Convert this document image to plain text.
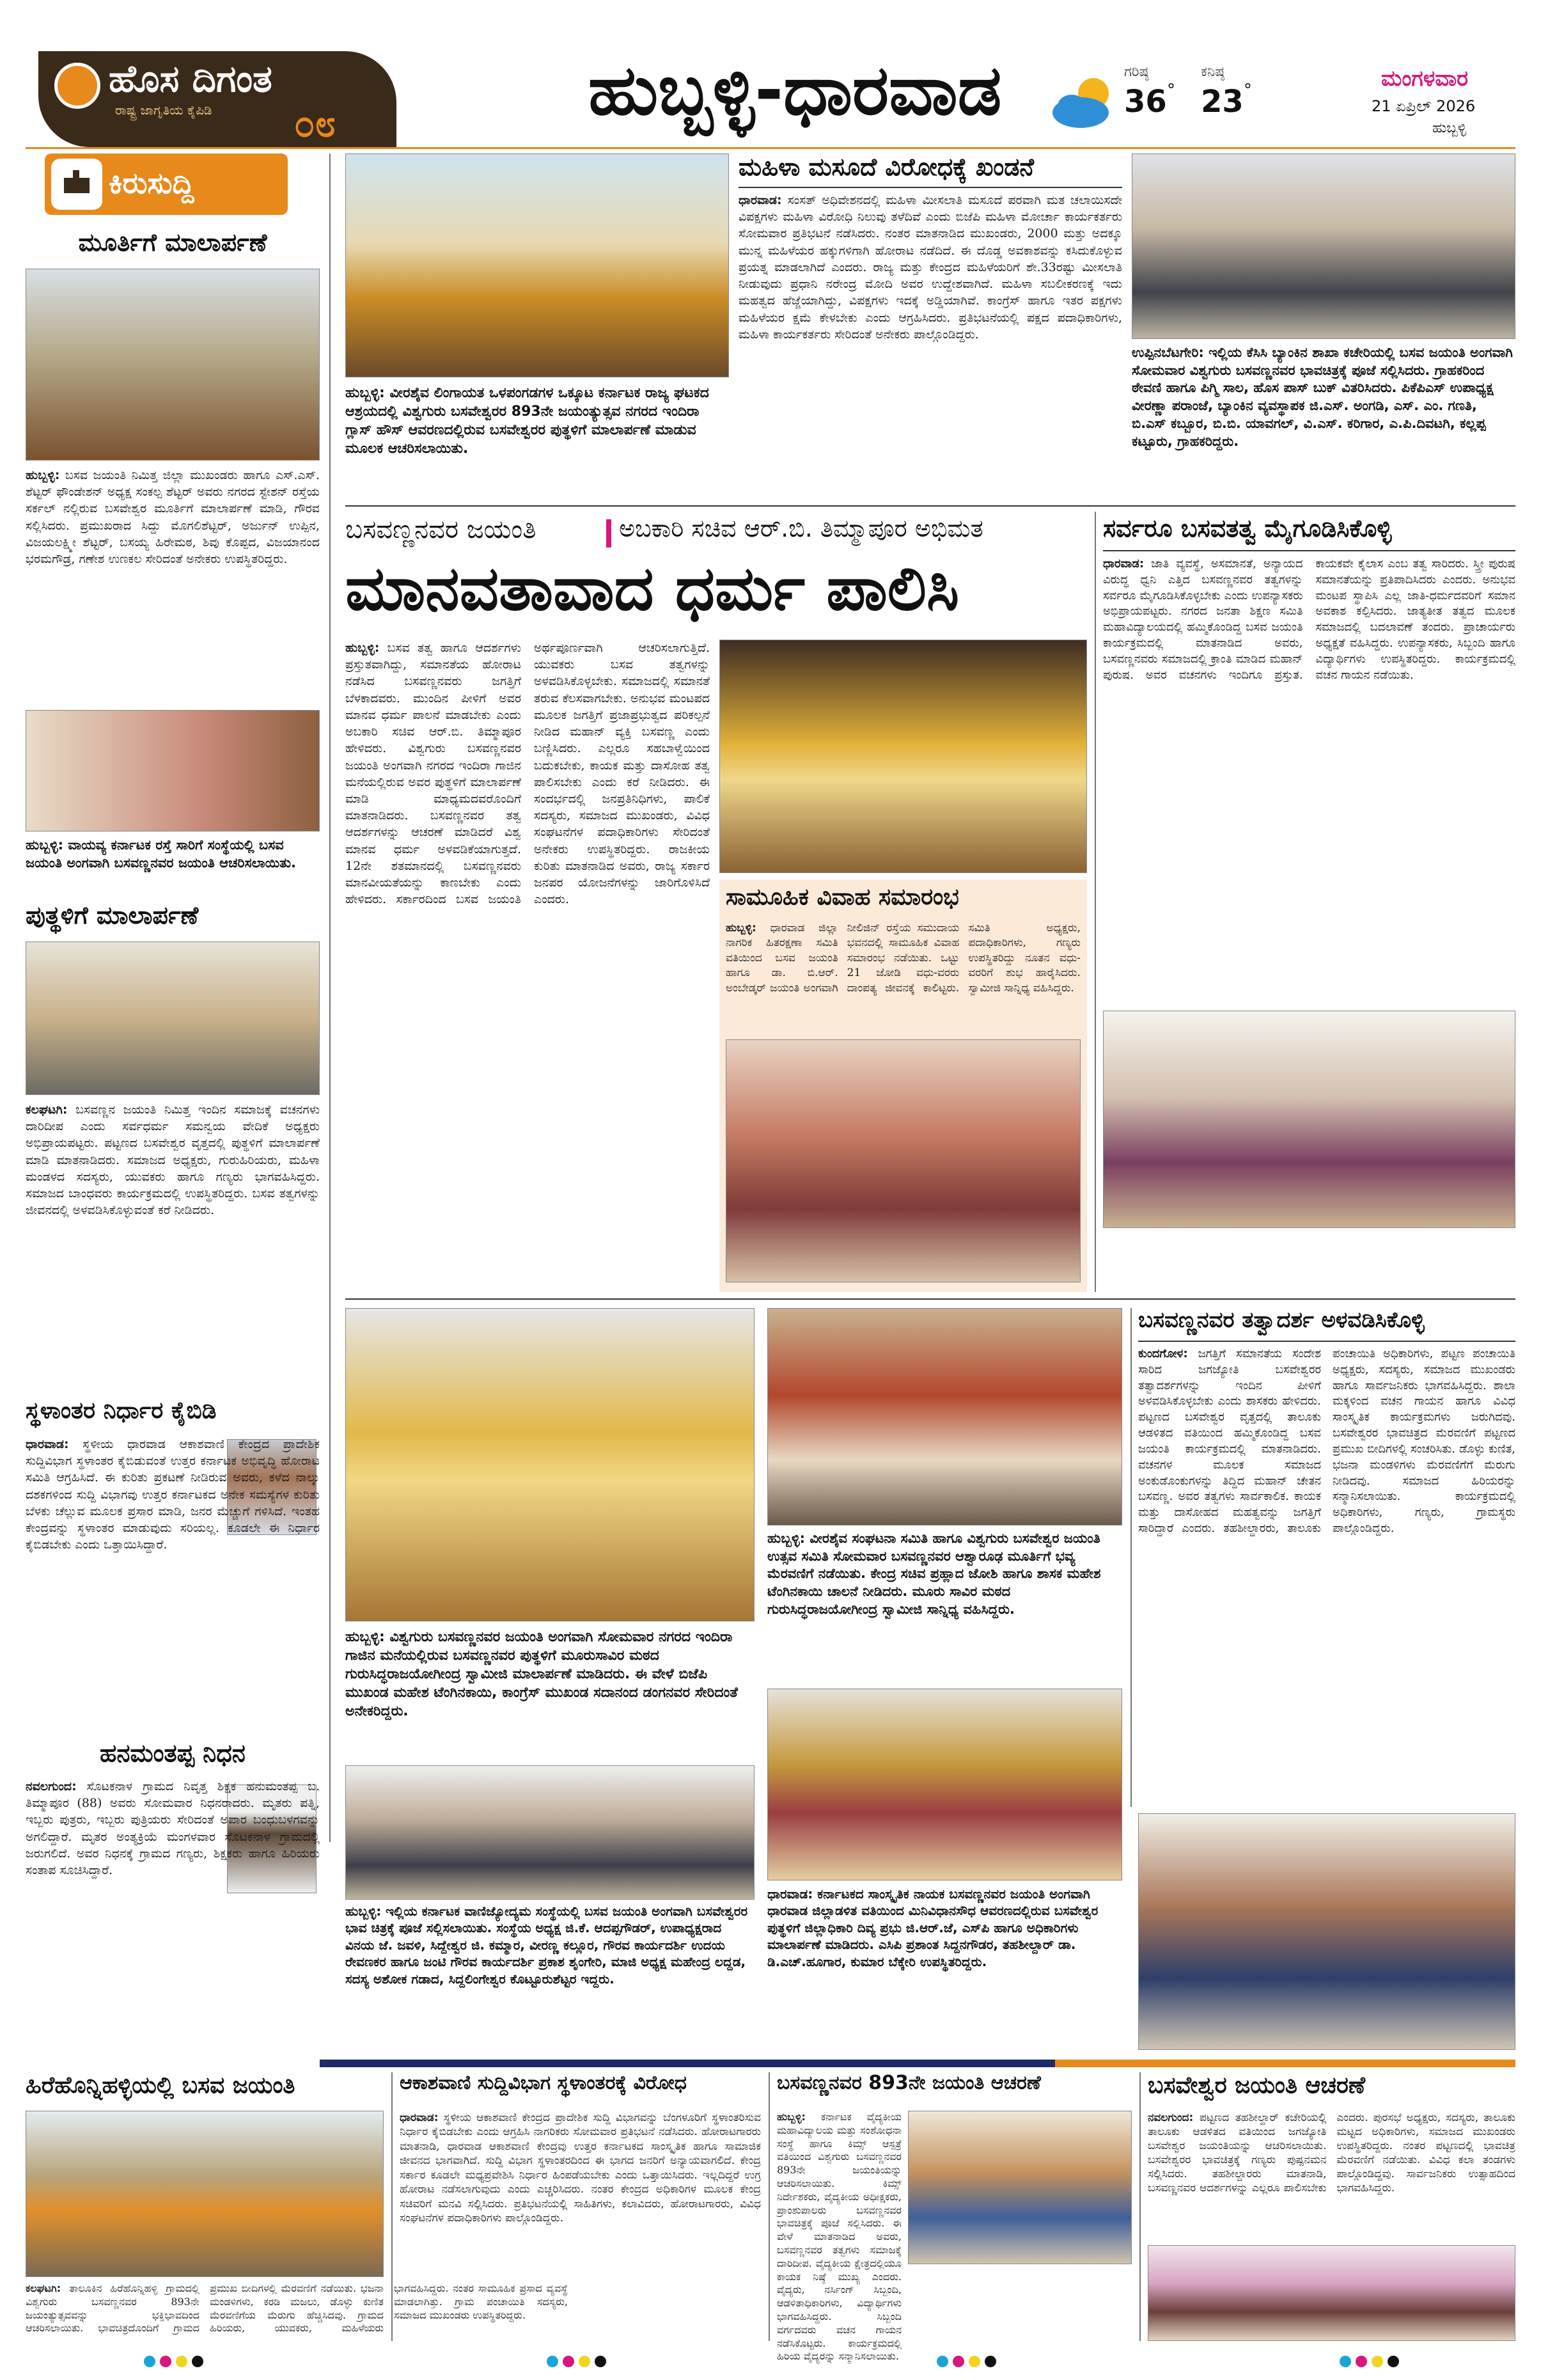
ಹೊಸ ದಿಗಂತ
ರಾಷ್ಟ್ರ ಜಾಗೃತಿಯ ಕೈಪಿಡಿ	೦೮	ಹುಬ್ಬಳ್ಳಿ-ಧಾರವಾಡ	ಗರಿಷ್ಠ
36 °
ಕನಿಷ್ಠ
23 °	ಮಂಗಳವಾರ
21 ಏಪ್ರಿಲ್ 2026
ಹುಬ್ಬಳ್ಳಿ
ಕಿರುಸುದ್ದಿ
ಮೂರ್ತಿಗೆ ಮಾಲಾರ್ಪಣೆ
ಹುಬ್ಬಳ್ಳಿ: ಬಸವ ಜಯಂತಿ ನಿಮಿತ್ತ ಜಿಲ್ಲಾ ಮುಖಂಡರು ಹಾಗೂ ಎಸ್.ಎಸ್. ಶೆಟ್ಟರ್ ಫೌಂಡೇಶನ್ ಅಧ್ಯಕ್ಷ ಸಂಕಲ್ಪ ಶೆಟ್ಟರ್ ಅವರು ನಗರದ ಸ್ಟೇಶನ್ ರಸ್ತೆಯ ಸರ್ಕಲ್ ನಲ್ಲಿರುವ ಬಸವೇಶ್ವರ ಮೂರ್ತಿಗೆ ಮಾಲಾರ್ಪಣೆ ಮಾಡಿ, ಗೌರವ ಸಲ್ಲಿಸಿದರು. ಪ್ರಮುಖರಾದ ಸಿದ್ದು ಮೊಗಲಿಶೆಟ್ಟರ್, ಅರ್ಜುನ್ ಉಪ್ಪಿನ, ವಿಜಯಲಕ್ಷ್ಮೀ ಶೆಟ್ಟರ್, ಬಸಯ್ಯ ಹಿರೇಮಠ, ಶಿವು ಕೊಪ್ಪದ, ವಿಜಯಾನಂದ ಭರಮಗೌಡ್ರ, ಗಣೇಶ ಉಣಕಲ ಸೇರಿದಂತೆ ಅನೇಕರು ಉಪಸ್ಥಿತರಿದ್ದರು.
ಹುಬ್ಬಳ್ಳಿ: ವಾಯವ್ಯ ಕರ್ನಾಟಕ ರಸ್ತೆ ಸಾರಿಗೆ ಸಂಸ್ಥೆಯಲ್ಲಿ ಬಸವ ಜಯಂತಿ ಅಂಗವಾಗಿ ಬಸವಣ್ಣನವರ ಜಯಂತಿ ಆಚರಿಸಲಾಯಿತು.
ಪುತ್ಥಳಿಗೆ ಮಾಲಾರ್ಪಣೆ
ಕಲಘಟಗಿ: ಬಸವಣ್ಣನ ಜಯಂತಿ ನಿಮಿತ್ತ ಇಂದಿನ ಸಮಾಜಕ್ಕೆ ವಚನಗಳು ದಾರಿದೀಪ ಎಂದು ಸರ್ವಧರ್ಮ ಸಮನ್ವಯ ವೇದಿಕೆ ಅಧ್ಯಕ್ಷರು ಅಭಿಪ್ರಾಯಪಟ್ಟರು. ಪಟ್ಟಣದ ಬಸವೇಶ್ವರ ವೃತ್ತದಲ್ಲಿ ಪುತ್ಥಳಿಗೆ ಮಾಲಾರ್ಪಣೆ ಮಾಡಿ ಮಾತನಾಡಿದರು. ಸಮಾಜದ ಅಧ್ಯಕ್ಷರು, ಗುರುಹಿರಿಯರು, ಮಹಿಳಾ ಮಂಡಳದ ಸದಸ್ಯರು, ಯುವಕರು ಹಾಗೂ ಗಣ್ಯರು ಭಾಗವಹಿಸಿದ್ದರು. ಸಮಾಜದ ಬಾಂಧವರು ಕಾರ್ಯಕ್ರಮದಲ್ಲಿ ಉಪಸ್ಥಿತರಿದ್ದರು. ಬಸವ ತತ್ವಗಳನ್ನು ಜೀವನದಲ್ಲಿ ಅಳವಡಿಸಿಕೊಳ್ಳುವಂತೆ ಕರೆ ನೀಡಿದರು.
ಸ್ಥಳಾಂತರ ನಿರ್ಧಾರ ಕೈಬಿಡಿ
ಧಾರವಾಡ: ಸ್ಥಳೀಯ ಧಾರವಾಡ ಆಕಾಶವಾಣಿ ಕೇಂದ್ರದ ಪ್ರಾದೇಶಿಕ ಸುದ್ದಿವಿಭಾಗ ಸ್ಥಳಾಂತರ ಕೈಬಿಡುವಂತೆ ಉತ್ತರ ಕರ್ನಾಟಕ ಅಭಿವೃದ್ಧಿ ಹೋರಾಟ ಸಮಿತಿ ಆಗ್ರಹಿಸಿದೆ. ಈ ಕುರಿತು ಪ್ರಕಟಣೆ ನೀಡಿರುವ ಅವರು, ಕಳೆದ ನಾಲ್ಕು ದಶಕಗಳಿಂದ ಸುದ್ದಿ ವಿಭಾಗವು ಉತ್ತರ ಕರ್ನಾಟಕದ ಅನೇಕ ಸಮಸ್ಯೆಗಳ ಕುರಿತು ಬೆಳಕು ಚೆಲ್ಲುವ ಮೂಲಕ ಪ್ರಸಾರ ಮಾಡಿ, ಜನರ ಮೆಚ್ಚುಗೆ ಗಳಿಸಿದೆ. ಇಂತಹ ಕೇಂದ್ರವನ್ನು ಸ್ಥಳಾಂತರ ಮಾಡುವುದು ಸರಿಯಲ್ಲ. ಕೂಡಲೇ ಈ ನಿರ್ಧಾರ ಕೈಬಿಡಬೇಕು ಎಂದು ಒತ್ತಾಯಿಸಿದ್ದಾರೆ.
ಹನಮಂತಪ್ಪ ನಿಧನ
ನವಲಗುಂದ: ಸೊಟಕನಾಳ ಗ್ರಾಮದ ನಿವೃತ್ತ ಶಿಕ್ಷಕ ಹನುಮಂತಪ್ಪ ಬ. ತಿಮ್ಮಾಪೂರ (88) ಅವರು ಸೋಮವಾರ ನಿಧನರಾದರು. ಮೃತರು ಪತ್ನಿ, ಇಬ್ಬರು ಪುತ್ರರು, ಇಬ್ಬರು ಪುತ್ರಿಯರು ಸೇರಿದಂತೆ ಅಪಾರ ಬಂಧುಬಳಗವನ್ನು ಅಗಲಿದ್ದಾರೆ. ಮೃತರ ಅಂತ್ಯಕ್ರಿಯೆ ಮಂಗಳವಾರ ಸೊಟಕನಾಳ ಗ್ರಾಮದಲ್ಲಿ ಜರುಗಲಿದೆ. ಅವರ ನಿಧನಕ್ಕೆ ಗ್ರಾಮದ ಗಣ್ಯರು, ಶಿಕ್ಷಕರು ಹಾಗೂ ಹಿರಿಯರು ಸಂತಾಪ ಸೂಚಿಸಿದ್ದಾರೆ.
ಹುಬ್ಬಳ್ಳಿ: ವೀರಶೈವ ಲಿಂಗಾಯತ ಒಳಪಂಗಡಗಳ ಒಕ್ಕೂಟ ಕರ್ನಾಟಕ ರಾಜ್ಯ ಘಟಕದ ಆಶ್ರಯದಲ್ಲಿ ವಿಶ್ವಗುರು ಬಸವೇಶ್ವರರ 893ನೇ ಜಯಂತ್ಯುತ್ಸವ ನಗರದ ಇಂದಿರಾ ಗ್ಲಾಸ್ ಹೌಸ್ ಆವರಣದಲ್ಲಿರುವ ಬಸವೇಶ್ವರರ ಪುತ್ಥಳಿಗೆ ಮಾಲಾರ್ಪಣೆ ಮಾಡುವ ಮೂಲಕ ಆಚರಿಸಲಾಯಿತು.
ಮಹಿಳಾ ಮಸೂದೆ ವಿರೋಧಕ್ಕೆ ಖಂಡನೆ
ಧಾರವಾಡ: ಸಂಸತ್ ಅಧಿವೇಶನದಲ್ಲಿ ಮಹಿಳಾ ಮೀಸಲಾತಿ ಮಸೂದೆ ಪರವಾಗಿ ಮತ ಚಲಾಯಿಸದೇ ವಿಪಕ್ಷಗಳು ಮಹಿಳಾ ವಿರೋಧಿ ನಿಲುವು ತಳೆದಿವೆ ಎಂದು ಬಿಜೆಪಿ ಮಹಿಳಾ ಮೋರ್ಚಾ ಕಾರ್ಯಕರ್ತರು ಸೋಮವಾರ ಪ್ರತಿಭಟನೆ ನಡೆಸಿದರು. ನಂತರ ಮಾತನಾಡಿದ ಮುಖಂಡರು, 2000 ಮತ್ತು ಅದಕ್ಕೂ ಮುನ್ನ ಮಹಿಳೆಯರ ಹಕ್ಕುಗಳಿಗಾಗಿ ಹೋರಾಟ ನಡೆದಿದೆ. ಈ ದೊಡ್ಡ ಅವಕಾಶವನ್ನು ಕಸಿದುಕೊಳ್ಳುವ ಪ್ರಯತ್ನ ಮಾಡಲಾಗಿದೆ ಎಂದರು. ರಾಜ್ಯ ಮತ್ತು ಕೇಂದ್ರದ ಮಹಿಳೆಯರಿಗೆ ಶೇ.33ರಷ್ಟು ಮೀಸಲಾತಿ ನೀಡುವುದು ಪ್ರಧಾನಿ ನರೇಂದ್ರ ಮೋದಿ ಅವರ ಉದ್ದೇಶವಾಗಿದೆ. ಮಹಿಳಾ ಸಬಲೀಕರಣಕ್ಕೆ ಇದು ಮಹತ್ವದ ಹೆಜ್ಜೆಯಾಗಿದ್ದು, ವಿಪಕ್ಷಗಳು ಇದಕ್ಕೆ ಅಡ್ಡಿಯಾಗಿವೆ. ಕಾಂಗ್ರೆಸ್ ಹಾಗೂ ಇತರ ಪಕ್ಷಗಳು ಮಹಿಳೆಯರ ಕ್ಷಮೆ ಕೇಳಬೇಕು ಎಂದು ಆಗ್ರಹಿಸಿದರು. ಪ್ರತಿಭಟನೆಯಲ್ಲಿ ಪಕ್ಷದ ಪದಾಧಿಕಾರಿಗಳು, ಮಹಿಳಾ ಕಾರ್ಯಕರ್ತರು ಸೇರಿದಂತೆ ಅನೇಕರು ಪಾಲ್ಗೊಂಡಿದ್ದರು.
ಉಪ್ಪಿನಬೆಟಗೇರಿ: ಇಲ್ಲಿಯ ಕೆಸಿಸಿ ಬ್ಯಾಂಕಿನ ಶಾಖಾ ಕಚೇರಿಯಲ್ಲಿ ಬಸವ ಜಯಂತಿ ಅಂಗವಾಗಿ ಸೋಮವಾರ ವಿಶ್ವಗುರು ಬಸವಣ್ಣನವರ ಭಾವಚಿತ್ರಕ್ಕೆ ಪೂಜೆ ಸಲ್ಲಿಸಿದರು. ಗ್ರಾಹಕರಿಂದ ಠೇವಣಿ ಹಾಗೂ ಪಿಗ್ಮಿ ಸಾಲ, ಹೊಸ ಪಾಸ್ ಬುಕ್ ವಿತರಿಸಿದರು. ಪಿಕೆಪಿಎಸ್ ಉಪಾಧ್ಯಕ್ಷ ವೀರಣ್ಣಾ ಪರಾಂಜೆ, ಬ್ಯಾಂಕಿನ ವ್ಯವಸ್ಥಾಪಕ ಜಿ.ಎಸ್. ಅಂಗಡಿ, ಎಸ್. ಎಂ. ಗಣತಿ, ಬಿ.ಎಸ್ ಕಬ್ಬೂರ, ಬಿ.ಬಿ. ಯಾವಗಲ್, ವಿ.ಎಸ್. ಕರಿಗಾರ, ಎ.ಪಿ.ದಿವಟಗಿ, ಕಲ್ಲಪ್ಪ ಕಟ್ಟೂರು, ಗ್ರಾಹಕರಿದ್ದರು.
ಬಸವಣ್ಣನವರ ಜಯಂತಿ	ಅಬಕಾರಿ ಸಚಿವ ಆರ್.ಬಿ. ತಿಮ್ಮಾಪೂರ ಅಭಿಮತ
ಮಾನವತಾವಾದ ಧರ್ಮ ಪಾಲಿಸಿ
ಹುಬ್ಬಳ್ಳಿ: ಬಸವ ತತ್ವ ಹಾಗೂ ಆದರ್ಶಗಳು ಪ್ರಸ್ತುತವಾಗಿದ್ದು, ಸಮಾನತೆಯ ಹೋರಾಟ ನಡೆಸಿದ ಬಸವಣ್ಣನವರು ಜಗತ್ತಿಗೆ ಬೆಳಕಾದವರು. ಮುಂದಿನ ಪೀಳಿಗೆ ಅವರ ಮಾನವ ಧರ್ಮ ಪಾಲನೆ ಮಾಡಬೇಕು ಎಂದು ಅಬಕಾರಿ ಸಚಿವ ಆರ್.ಬಿ. ತಿಮ್ಮಾಪೂರ ಹೇಳಿದರು. ವಿಶ್ವಗುರು ಬಸವಣ್ಣನವರ ಜಯಂತಿ ಅಂಗವಾಗಿ ನಗರದ ಇಂದಿರಾ ಗಾಜಿನ ಮನೆಯಲ್ಲಿರುವ ಅವರ ಪುತ್ಥಳಿಗೆ ಮಾಲಾರ್ಪಣೆ ಮಾಡಿ ಮಾಧ್ಯಮದವರೊಂದಿಗೆ ಮಾತನಾಡಿದರು. ಬಸವಣ್ಣನವರ ತತ್ವ ಆದರ್ಶಗಳನ್ನು ಆಚರಣೆ ಮಾಡಿದರೆ ವಿಶ್ವ ಮಾನವ ಧರ್ಮ ಅಳವಡಿಕೆಯಾಗುತ್ತದೆ. 12ನೇ ಶತಮಾನದಲ್ಲಿ ಬಸವಣ್ಣನವರು ಮಾನವೀಯತೆಯನ್ನು ಕಾಣಬೇಕು ಎಂದು ಹೇಳಿದರು. ಸರ್ಕಾರದಿಂದ ಬಸವ ಜಯಂತಿ ಅರ್ಥಪೂರ್ಣವಾಗಿ ಆಚರಿಸಲಾಗುತ್ತಿದೆ. ಯುವಕರು ಬಸವ ತತ್ವಗಳನ್ನು ಅಳವಡಿಸಿಕೊಳ್ಳಬೇಕು. ಸಮಾಜದಲ್ಲಿ ಸಮಾನತೆ ತರುವ ಕೆಲಸವಾಗಬೇಕು. ಅನುಭವ ಮಂಟಪದ ಮೂಲಕ ಜಗತ್ತಿಗೆ ಪ್ರಜಾಪ್ರಭುತ್ವದ ಪರಿಕಲ್ಪನೆ ನೀಡಿದ ಮಹಾನ್ ವ್ಯಕ್ತಿ ಬಸವಣ್ಣ ಎಂದು ಬಣ್ಣಿಸಿದರು. ಎಲ್ಲರೂ ಸಹಬಾಳ್ವೆಯಿಂದ ಬದುಕಬೇಕು, ಕಾಯಕ ಮತ್ತು ದಾಸೋಹ ತತ್ವ ಪಾಲಿಸಬೇಕು ಎಂದು ಕರೆ ನೀಡಿದರು. ಈ ಸಂದರ್ಭದಲ್ಲಿ ಜನಪ್ರತಿನಿಧಿಗಳು, ಪಾಲಿಕೆ ಸದಸ್ಯರು, ಸಮಾಜದ ಮುಖಂಡರು, ವಿವಿಧ ಸಂಘಟನೆಗಳ ಪದಾಧಿಕಾರಿಗಳು ಸೇರಿದಂತೆ ಅನೇಕರು ಉಪಸ್ಥಿತರಿದ್ದರು. ರಾಜಕೀಯ ಕುರಿತು ಮಾತನಾಡಿದ ಅವರು, ರಾಜ್ಯ ಸರ್ಕಾರ ಜನಪರ ಯೋಜನೆಗಳನ್ನು ಜಾರಿಗೊಳಿಸಿದೆ ಎಂದರು.	ಸಾಮೂಹಿಕ ವಿವಾಹ ಸಮಾರಂಭ
ಹುಬ್ಬಳ್ಳಿ: ಧಾರವಾಡ ಜಿಲ್ಲಾ ನಾಗರಿಕ ಹಿತರಕ್ಷಣಾ ಸಮಿತಿ ವತಿಯಿಂದ ಬಸವ ಜಯಂತಿ ಹಾಗೂ ಡಾ. ಬಿ.ಆರ್. ಅಂಬೇಡ್ಕರ್ ಜಯಂತಿ ಅಂಗವಾಗಿ ನೀಲಿಜಿನ್ ರಸ್ತೆಯ ಸಮುದಾಯ ಭವನದಲ್ಲಿ ಸಾಮೂಹಿಕ ವಿವಾಹ ಸಮಾರಂಭ ನಡೆಯಿತು. ಒಟ್ಟು 21 ಜೋಡಿ ವಧು-ವರರು ದಾಂಪತ್ಯ ಜೀವನಕ್ಕೆ ಕಾಲಿಟ್ಟರು. ಸಮಿತಿ ಅಧ್ಯಕ್ಷರು, ಪದಾಧಿಕಾರಿಗಳು, ಗಣ್ಯರು ಉಪಸ್ಥಿತರಿದ್ದು ನೂತನ ವಧು-ವರರಿಗೆ ಶುಭ ಹಾರೈಸಿದರು. ಸ್ವಾಮೀಜಿ ಸಾನ್ನಿಧ್ಯ ವಹಿಸಿದ್ದರು.
ಸರ್ವರೂ ಬಸವತತ್ವ ಮೈಗೂಡಿಸಿಕೊಳ್ಳಿ
ಧಾರವಾಡ: ಜಾತಿ ವ್ಯವಸ್ಥೆ, ಅಸಮಾನತೆ, ಅನ್ಯಾಯದ ವಿರುದ್ಧ ಧ್ವನಿ ಎತ್ತಿದ ಬಸವಣ್ಣನವರ ತತ್ವಗಳನ್ನು ಸರ್ವರೂ ಮೈಗೂಡಿಸಿಕೊಳ್ಳಬೇಕು ಎಂದು ಉಪನ್ಯಾಸಕರು ಅಭಿಪ್ರಾಯಪಟ್ಟರು. ನಗರದ ಜನತಾ ಶಿಕ್ಷಣ ಸಮಿತಿ ಮಹಾವಿದ್ಯಾಲಯದಲ್ಲಿ ಹಮ್ಮಿಕೊಂಡಿದ್ದ ಬಸವ ಜಯಂತಿ ಕಾರ್ಯಕ್ರಮದಲ್ಲಿ ಮಾತನಾಡಿದ ಅವರು, ಬಸವಣ್ಣನವರು ಸಮಾಜದಲ್ಲಿ ಕ್ರಾಂತಿ ಮಾಡಿದ ಮಹಾನ್ ಪುರುಷ. ಅವರ ವಚನಗಳು ಇಂದಿಗೂ ಪ್ರಸ್ತುತ. ಕಾಯಕವೇ ಕೈಲಾಸ ಎಂಬ ತತ್ವ ಸಾರಿದರು. ಸ್ತ್ರೀ ಪುರುಷ ಸಮಾನತೆಯನ್ನು ಪ್ರತಿಪಾದಿಸಿದರು ಎಂದರು. ಅನುಭವ ಮಂಟಪ ಸ್ಥಾಪಿಸಿ ಎಲ್ಲ ಜಾತಿ-ಧರ್ಮದವರಿಗೆ ಸಮಾನ ಅವಕಾಶ ಕಲ್ಪಿಸಿದರು. ಜಾತ್ಯತೀತ ತತ್ವದ ಮೂಲಕ ಸಮಾಜದಲ್ಲಿ ಬದಲಾವಣೆ ತಂದರು. ಪ್ರಾಚಾರ್ಯರು ಅಧ್ಯಕ್ಷತೆ ವಹಿಸಿದ್ದರು. ಉಪನ್ಯಾಸಕರು, ಸಿಬ್ಬಂದಿ ಹಾಗೂ ವಿದ್ಯಾರ್ಥಿಗಳು ಉಪಸ್ಥಿತರಿದ್ದರು. ಕಾರ್ಯಕ್ರಮದಲ್ಲಿ ವಚನ ಗಾಯನ ನಡೆಯಿತು.
ಹುಬ್ಬಳ್ಳಿ: ವಿಶ್ವಗುರು ಬಸವಣ್ಣನವರ ಜಯಂತಿ ಅಂಗವಾಗಿ ಸೋಮವಾರ ನಗರದ ಇಂದಿರಾ ಗಾಜಿನ ಮನೆಯಲ್ಲಿರುವ ಬಸವಣ್ಣನವರ ಪುತ್ಥಳಿಗೆ ಮೂರುಸಾವಿರ ಮಠದ ಗುರುಸಿದ್ಧರಾಜಯೋಗೀಂದ್ರ ಸ್ವಾಮೀಜಿ ಮಾಲಾರ್ಪಣೆ ಮಾಡಿದರು. ಈ ವೇಳೆ ಬಿಜೆಪಿ ಮುಖಂಡ ಮಹೇಶ ಟೆಂಗಿನಕಾಯಿ, ಕಾಂಗ್ರೆಸ್ ಮುಖಂಡ ಸದಾನಂದ ಡಂಗನವರ ಸೇರಿದಂತೆ ಅನೇಕರಿದ್ದರು.
ಹುಬ್ಬಳ್ಳಿ: ವೀರಶೈವ ಸಂಘಟನಾ ಸಮಿತಿ ಹಾಗೂ ವಿಶ್ವಗುರು ಬಸವೇಶ್ವರ ಜಯಂತಿ ಉತ್ಸವ ಸಮಿತಿ ಸೋಮವಾರ ಬಸವಣ್ಣನವರ ಆಶ್ವಾರೂಢ ಮೂರ್ತಿಗೆ ಭವ್ಯ ಮೆರವಣಿಗೆ ನಡೆಯಿತು. ಕೇಂದ್ರ ಸಚಿವ ಪ್ರಹ್ಲಾದ ಜೋಶಿ ಹಾಗೂ ಶಾಸಕ ಮಹೇಶ ಟೆಂಗಿನಕಾಯಿ ಚಾಲನೆ ನೀಡಿದರು. ಮೂರು ಸಾವಿರ ಮಠದ ಗುರುಸಿದ್ಧರಾಜಯೋಗೀಂದ್ರ ಸ್ವಾಮೀಜಿ ಸಾನ್ನಿಧ್ಯ ವಹಿಸಿದ್ದರು.
ಬಸವಣ್ಣನವರ ತತ್ವಾದರ್ಶ ಅಳವಡಿಸಿಕೊಳ್ಳಿ
ಕುಂದಗೋಳ: ಜಗತ್ತಿಗೆ ಸಮಾನತೆಯ ಸಂದೇಶ ಸಾರಿದ ಜಗಜ್ಯೋತಿ ಬಸವೇಶ್ವರರ ತತ್ವಾದರ್ಶಗಳನ್ನು ಇಂದಿನ ಪೀಳಿಗೆ ಅಳವಡಿಸಿಕೊಳ್ಳಬೇಕು ಎಂದು ಶಾಸಕರು ಹೇಳಿದರು. ಪಟ್ಟಣದ ಬಸವೇಶ್ವರ ವೃತ್ತದಲ್ಲಿ ತಾಲೂಕು ಆಡಳಿತದ ವತಿಯಿಂದ ಹಮ್ಮಿಕೊಂಡಿದ್ದ ಬಸವ ಜಯಂತಿ ಕಾರ್ಯಕ್ರಮದಲ್ಲಿ ಮಾತನಾಡಿದರು. ವಚನಗಳ ಮೂಲಕ ಸಮಾಜದ ಅಂಕುಡೊಂಕುಗಳನ್ನು ತಿದ್ದಿದ ಮಹಾನ್ ಚೇತನ ಬಸವಣ್ಣ. ಅವರ ತತ್ವಗಳು ಸಾರ್ವಕಾಲಿಕ. ಕಾಯಕ ಮತ್ತು ದಾಸೋಹದ ಮಹತ್ವವನ್ನು ಜಗತ್ತಿಗೆ ಸಾರಿದ್ದಾರೆ ಎಂದರು. ತಹಶೀಲ್ದಾರರು, ತಾಲೂಕು ಪಂಚಾಯಿತಿ ಅಧಿಕಾರಿಗಳು, ಪಟ್ಟಣ ಪಂಚಾಯಿತಿ ಅಧ್ಯಕ್ಷರು, ಸದಸ್ಯರು, ಸಮಾಜದ ಮುಖಂಡರು ಹಾಗೂ ಸಾರ್ವಜನಿಕರು ಭಾಗವಹಿಸಿದ್ದರು. ಶಾಲಾ ಮಕ್ಕಳಿಂದ ವಚನ ಗಾಯನ ಹಾಗೂ ವಿವಿಧ ಸಾಂಸ್ಕೃತಿಕ ಕಾರ್ಯಕ್ರಮಗಳು ಜರುಗಿದವು. ಬಸವೇಶ್ವರರ ಭಾವಚಿತ್ರದ ಮೆರವಣಿಗೆ ಪಟ್ಟಣದ ಪ್ರಮುಖ ಬೀದಿಗಳಲ್ಲಿ ಸಂಚರಿಸಿತು. ಡೊಳ್ಳು ಕುಣಿತ, ಭಜನಾ ಮಂಡಳಿಗಳು ಮೆರವಣಿಗೆಗೆ ಮೆರುಗು ನೀಡಿದವು. ಸಮಾಜದ ಹಿರಿಯರನ್ನು ಸನ್ಮಾನಿಸಲಾಯಿತು. ಕಾರ್ಯಕ್ರಮದಲ್ಲಿ ಅಧಿಕಾರಿಗಳು, ಗಣ್ಯರು, ಗ್ರಾಮಸ್ಥರು ಪಾಲ್ಗೊಂಡಿದ್ದರು.
ಹುಬ್ಬಳ್ಳಿ: ಇಲ್ಲಿಯ ಕರ್ನಾಟಕ ವಾಣಿಜ್ಯೋದ್ಯಮ ಸಂಸ್ಥೆಯಲ್ಲಿ ಬಸವ ಜಯಂತಿ ಅಂಗವಾಗಿ ಬಸವೇಶ್ವರರ ಭಾವ ಚಿತ್ರಕ್ಕೆ ಪೂಜೆ ಸಲ್ಲಿಸಲಾಯಿತು. ಸಂಸ್ಥೆಯ ಅಧ್ಯಕ್ಷ ಜಿ.ಕೆ. ಆದಪ್ಪಗೌಡರ್, ಉಪಾಧ್ಯಕ್ಷರಾದ ವಿನಯ ಜೆ. ಜವಳಿ, ಸಿದ್ದೇಶ್ವರ ಜಿ. ಕಮ್ಮಾರ, ವೀರಣ್ಣ ಕಲ್ಲೂರ, ಗೌರವ ಕಾರ್ಯದರ್ಶಿ ಉದಯ ರೇವಣಕರ ಹಾಗೂ ಜಂಟಿ ಗೌರವ ಕಾರ್ಯದರ್ಶಿ ಪ್ರಕಾಶ ಶೃಂಗೇರಿ, ಮಾಜಿ ಅಧ್ಯಕ್ಷ ಮಹೇಂದ್ರ ಲದ್ದಡ, ಸದಸ್ಯ ಅಶೋಕ ಗಡಾದ, ಸಿದ್ದಲಿಂಗೇಶ್ವರ ಕೊಟ್ಟೂರುಶೆಟ್ಟರ ಇದ್ದರು.
ಧಾರವಾಡ: ಕರ್ನಾಟಕದ ಸಾಂಸ್ಕೃತಿಕ ನಾಯಕ ಬಸವಣ್ಣನವರ ಜಯಂತಿ ಅಂಗವಾಗಿ ಧಾರವಾಡ ಜಿಲ್ಲಾಡಳಿತ ವತಿಯಿಂದ ಮಿನಿವಿಧಾನಸೌಧ ಆವರಣದಲ್ಲಿರುವ ಬಸವೇಶ್ವರ ಪುತ್ಥಳಿಗೆ ಜಿಲ್ಲಾಧಿಕಾರಿ ದಿವ್ಯ ಪ್ರಭು ಜಿ.ಆರ್.ಜೆ, ಎಸ್‌ಪಿ ಹಾಗೂ ಅಧಿಕಾರಿಗಳು ಮಾಲಾರ್ಪಣೆ ಮಾಡಿದರು. ಎಸಿಪಿ ಪ್ರಶಾಂತ ಸಿದ್ದನಗೌಡರ, ತಹಶೀಲ್ದಾರ್ ಡಾ. ಡಿ.ಎಚ್.ಹೂಗಾರ, ಕುಮಾರ ಬೆಕ್ಕೇರಿ ಉಪಸ್ಥಿತರಿದ್ದರು.
ಹಿರೆಹೊನ್ನಿಹಳ್ಳಿಯಲ್ಲಿ ಬಸವ ಜಯಂತಿ
ಕಲಘಟಗಿ: ತಾಲೂಕಿನ ಹಿರೆಹೊನ್ನಿಹಳ್ಳಿ ಗ್ರಾಮದಲ್ಲಿ ವಿಶ್ವಗುರು ಬಸವಣ್ಣನವರ 893ನೇ ಜಯಂತ್ಯುತ್ಸವವನ್ನು ಭಕ್ತಿಭಾವದಿಂದ ಆಚರಿಸಲಾಯಿತು. ಭಾವಚಿತ್ರದೊಂದಿಗೆ ಗ್ರಾಮದ ಪ್ರಮುಖ ಬೀದಿಗಳಲ್ಲಿ ಮೆರವಣಿಗೆ ನಡೆಯಿತು. ಭಜನಾ ಮಂಡಳಿಗಳು, ಕರಡಿ ಮಜಲು, ಡೊಳ್ಳು ಕುಣಿತ ಮೆರವಣಿಗೆಯ ಮೆರುಗು ಹೆಚ್ಚಿಸಿದವು. ಗ್ರಾಮದ ಹಿರಿಯರು, ಯುವಕರು, ಮಹಿಳೆಯರು ಭಾಗವಹಿಸಿದ್ದರು. ನಂತರ ಸಾಮೂಹಿಕ ಪ್ರಸಾದ ವ್ಯವಸ್ಥೆ ಮಾಡಲಾಗಿತ್ತು. ಗ್ರಾಮ ಪಂಚಾಯಿತಿ ಸದಸ್ಯರು, ಸಮಾಜದ ಮುಖಂಡರು ಉಪಸ್ಥಿತರಿದ್ದರು.
ಆಕಾಶವಾಣಿ ಸುದ್ದಿವಿಭಾಗ ಸ್ಥಳಾಂತರಕ್ಕೆ ವಿರೋಧ
ಧಾರವಾಡ: ಸ್ಥಳೀಯ ಆಕಾಶವಾಣಿ ಕೇಂದ್ರದ ಪ್ರಾದೇಶಿಕ ಸುದ್ದಿ ವಿಭಾಗವನ್ನು ಬೆಂಗಳೂರಿಗೆ ಸ್ಥಳಾಂತರಿಸುವ ನಿರ್ಧಾರ ಕೈಬಿಡಬೇಕು ಎಂದು ಆಗ್ರಹಿಸಿ ನಾಗರಿಕರು ಸೋಮವಾರ ಪ್ರತಿಭಟನೆ ನಡೆಸಿದರು. ಹೋರಾಟಗಾರರು ಮಾತನಾಡಿ, ಧಾರವಾಡ ಆಕಾಶವಾಣಿ ಕೇಂದ್ರವು ಉತ್ತರ ಕರ್ನಾಟಕದ ಸಾಂಸ್ಕೃತಿಕ ಹಾಗೂ ಸಾಮಾಜಿಕ ಜೀವನದ ಭಾಗವಾಗಿದೆ. ಸುದ್ದಿ ವಿಭಾಗ ಸ್ಥಳಾಂತರದಿಂದ ಈ ಭಾಗದ ಜನರಿಗೆ ಅನ್ಯಾಯವಾಗಲಿದೆ. ಕೇಂದ್ರ ಸರ್ಕಾರ ಕೂಡಲೇ ಮಧ್ಯಪ್ರವೇಶಿಸಿ ನಿರ್ಧಾರ ಹಿಂಪಡೆಯಬೇಕು ಎಂದು ಒತ್ತಾಯಿಸಿದರು. ಇಲ್ಲದಿದ್ದರೆ ಉಗ್ರ ಹೋರಾಟ ನಡೆಸಲಾಗುವುದು ಎಂದು ಎಚ್ಚರಿಸಿದರು. ನಂತರ ಕೇಂದ್ರದ ಅಧಿಕಾರಿಗಳ ಮೂಲಕ ಕೇಂದ್ರ ಸಚಿವರಿಗೆ ಮನವಿ ಸಲ್ಲಿಸಿದರು. ಪ್ರತಿಭಟನೆಯಲ್ಲಿ ಸಾಹಿತಿಗಳು, ಕಲಾವಿದರು, ಹೋರಾಟಗಾರರು, ವಿವಿಧ ಸಂಘಟನೆಗಳ ಪದಾಧಿಕಾರಿಗಳು ಪಾಲ್ಗೊಂಡಿದ್ದರು.
ಬಸವಣ್ಣನವರ 893ನೇ ಜಯಂತಿ ಆಚರಣೆ
ಹುಬ್ಬಳ್ಳಿ: ಕರ್ನಾಟಕ ವೈದ್ಯಕೀಯ ಮಹಾವಿದ್ಯಾಲಯ ಮತ್ತು ಸಂಶೋಧನಾ ಸಂಸ್ಥೆ ಹಾಗೂ ಕಿಮ್ಸ್ ಆಸ್ಪತ್ರೆ ವತಿಯಿಂದ ವಿಶ್ವಗುರು ಬಸವಣ್ಣನವರ 893ನೇ ಜಯಂತಿಯನ್ನು ಆಚರಿಸಲಾಯಿತು. ಕಿಮ್ಸ್ ನಿರ್ದೇಶಕರು, ವೈದ್ಯಕೀಯ ಅಧೀಕ್ಷಕರು, ಪ್ರಾಂಶುಪಾಲರು ಬಸವಣ್ಣನವರ ಭಾವಚಿತ್ರಕ್ಕೆ ಪೂಜೆ ಸಲ್ಲಿಸಿದರು. ಈ ವೇಳೆ ಮಾತನಾಡಿದ ಅವರು, ಬಸವಣ್ಣನವರ ತತ್ವಗಳು ಸಮಾಜಕ್ಕೆ ದಾರಿದೀಪ. ವೈದ್ಯಕೀಯ ಕ್ಷೇತ್ರದಲ್ಲಿಯೂ ಕಾಯಕ ನಿಷ್ಠೆ ಮುಖ್ಯ ಎಂದರು. ವೈದ್ಯರು, ನರ್ಸಿಂಗ್ ಸಿಬ್ಬಂದಿ, ಆಡಳಿತಾಧಿಕಾರಿಗಳು, ವಿದ್ಯಾರ್ಥಿಗಳು ಭಾಗವಹಿಸಿದ್ದರು. ಸಿಬ್ಬಂದಿ ವರ್ಗದವರು ವಚನ ಗಾಯನ ನಡೆಸಿಕೊಟ್ಟರು. ಕಾರ್ಯಕ್ರಮದಲ್ಲಿ ಹಿರಿಯ ವೈದ್ಯರನ್ನು ಸನ್ಮಾನಿಸಲಾಯಿತು.
ಬಸವೇಶ್ವರ ಜಯಂತಿ ಆಚರಣೆ
ನವಲಗುಂದ: ಪಟ್ಟಣದ ತಹಶೀಲ್ದಾರ್ ಕಚೇರಿಯಲ್ಲಿ ತಾಲೂಕು ಆಡಳಿತದ ವತಿಯಿಂದ ಜಗಜ್ಯೋತಿ ಬಸವೇಶ್ವರ ಜಯಂತಿಯನ್ನು ಆಚರಿಸಲಾಯಿತು. ಬಸವೇಶ್ವರರ ಭಾವಚಿತ್ರಕ್ಕೆ ಗಣ್ಯರು ಪುಷ್ಪನಮನ ಸಲ್ಲಿಸಿದರು. ತಹಶೀಲ್ದಾರರು ಮಾತನಾಡಿ, ಬಸವಣ್ಣನವರ ಆದರ್ಶಗಳನ್ನು ಎಲ್ಲರೂ ಪಾಲಿಸಬೇಕು ಎಂದರು. ಪುರಸಭೆ ಅಧ್ಯಕ್ಷರು, ಸದಸ್ಯರು, ತಾಲೂಕು ಮಟ್ಟದ ಅಧಿಕಾರಿಗಳು, ಸಮಾಜದ ಮುಖಂಡರು ಉಪಸ್ಥಿತರಿದ್ದರು. ನಂತರ ಪಟ್ಟಣದಲ್ಲಿ ಭಾವಚಿತ್ರ ಮೆರವಣಿಗೆ ನಡೆಯಿತು. ವಿವಿಧ ಕಲಾ ತಂಡಗಳು ಪಾಲ್ಗೊಂಡಿದ್ದವು. ಸಾರ್ವಜನಿಕರು ಉತ್ಸಾಹದಿಂದ ಭಾಗವಹಿಸಿದ್ದರು.
